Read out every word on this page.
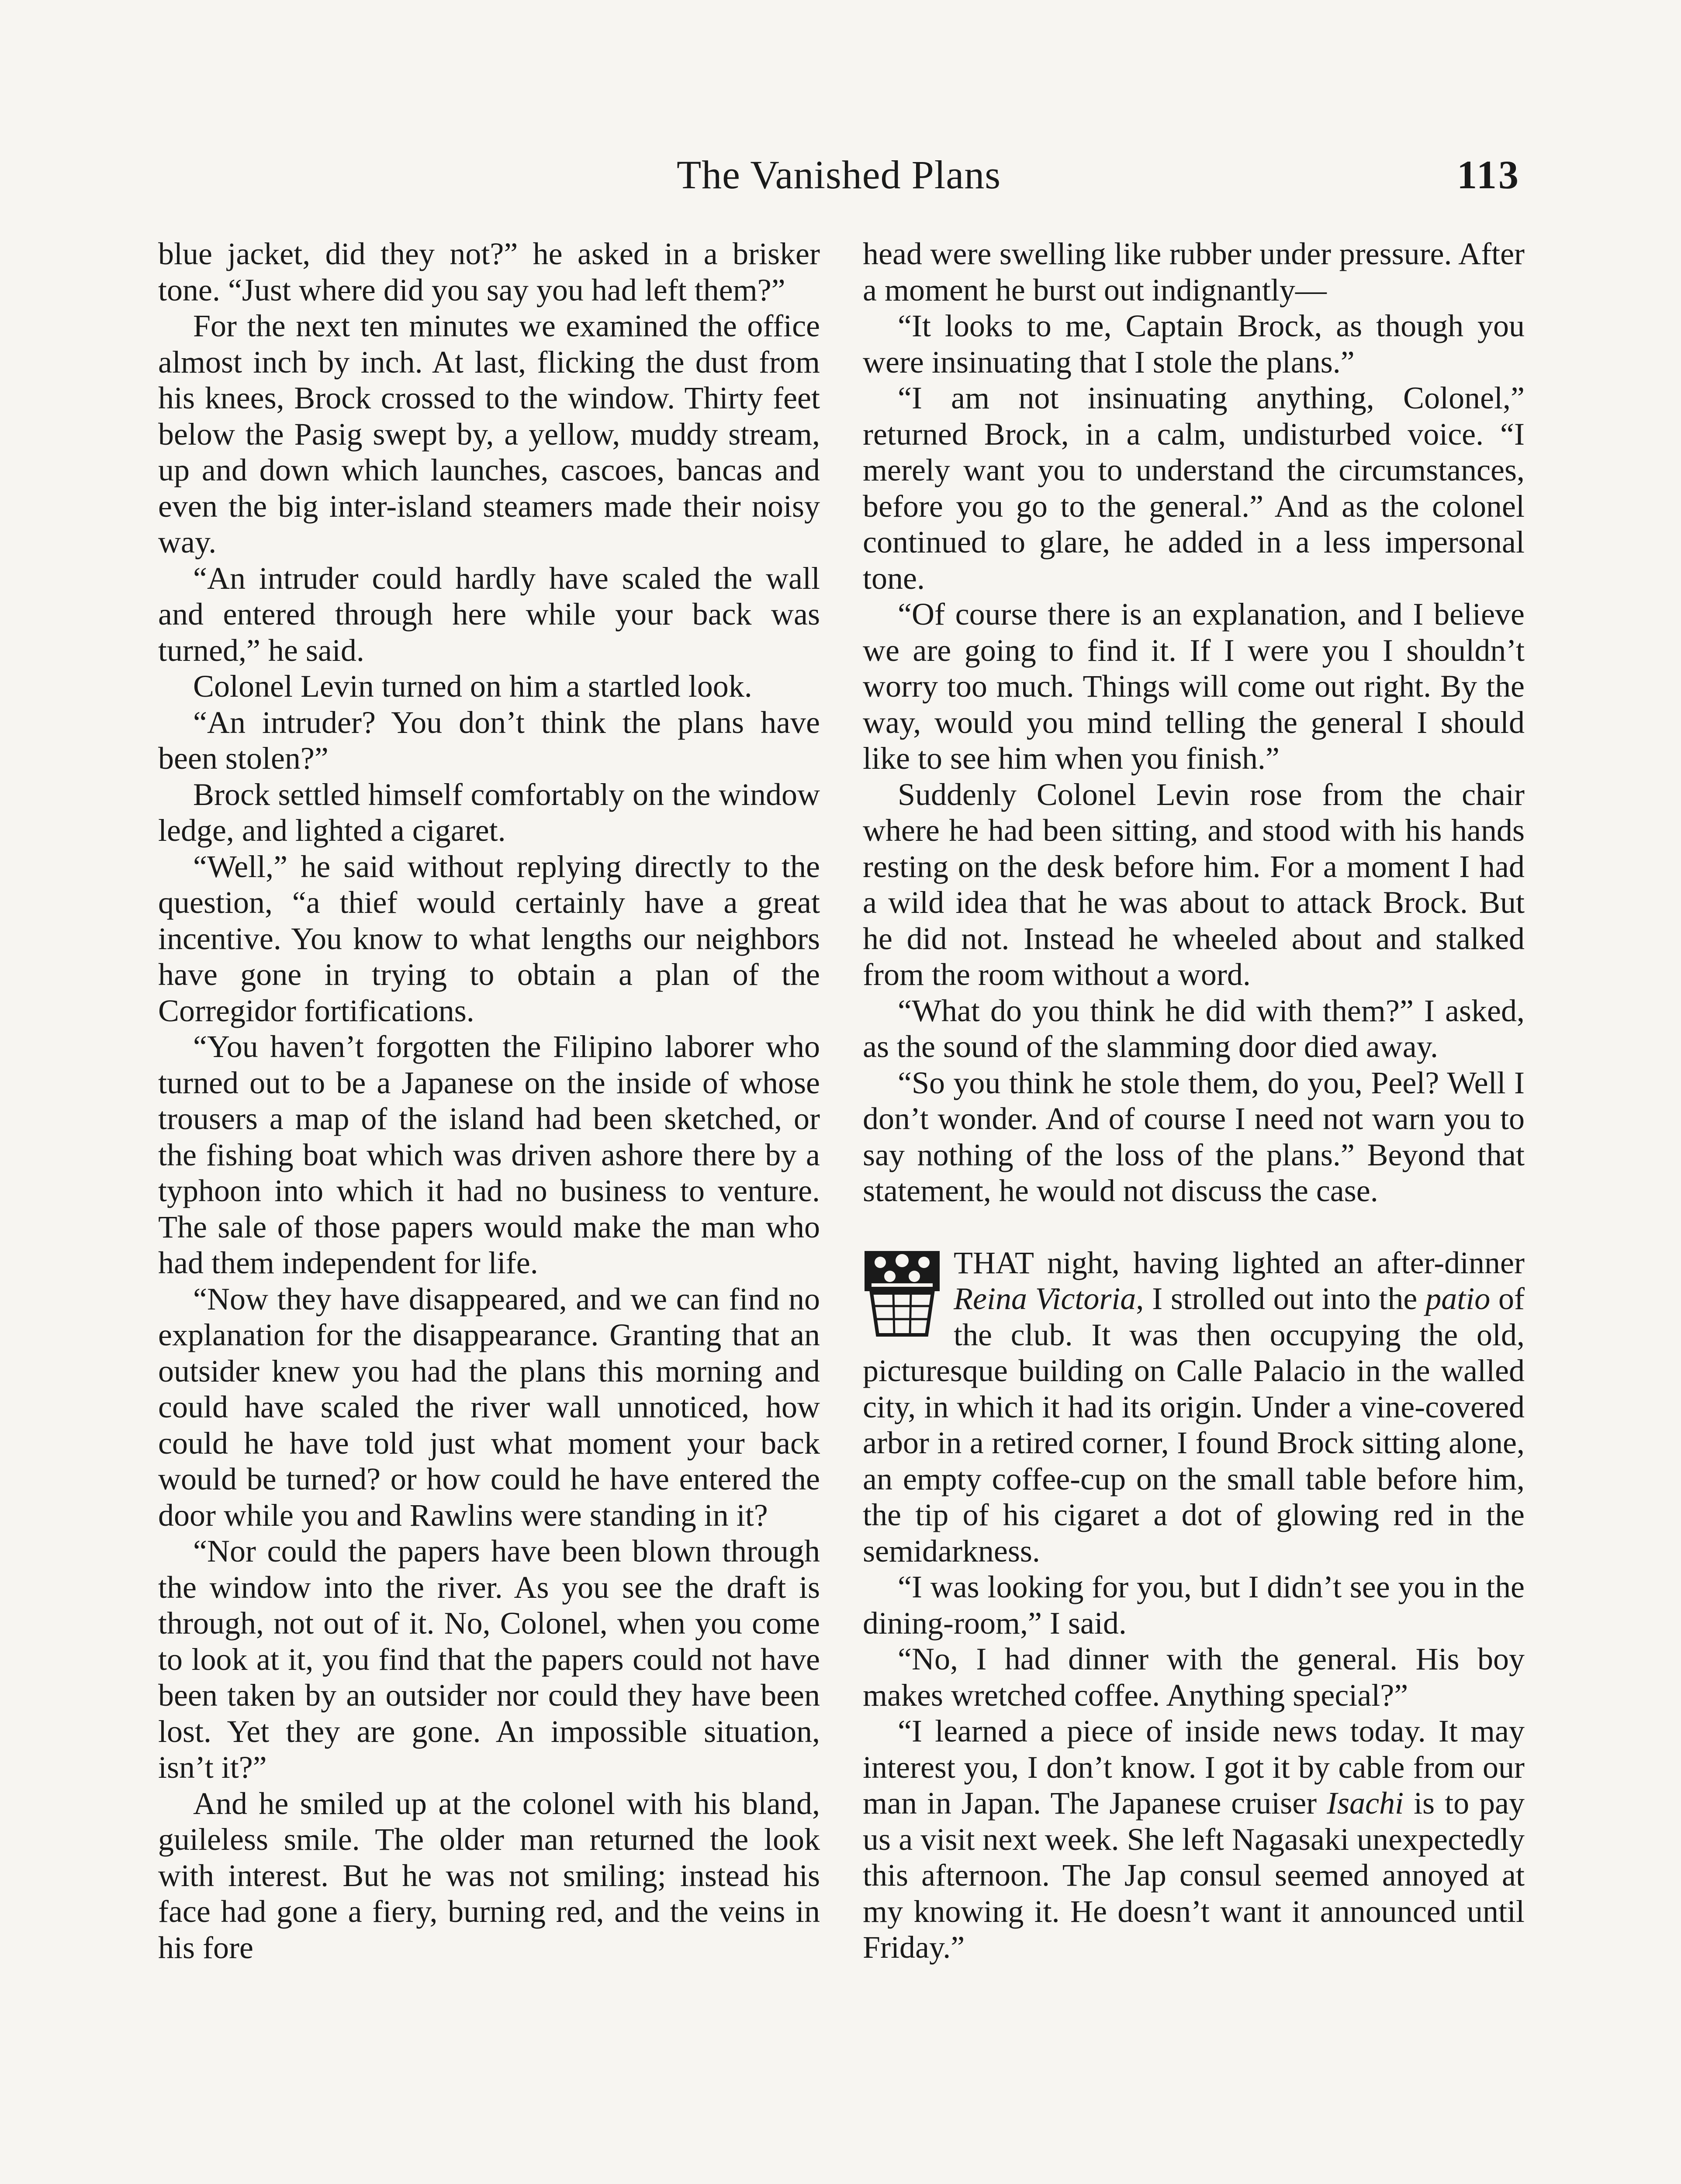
The Vanished Plans	113

blue jacket, did they not?” he asked in a brisker tone. “Just where did you say you had left them?”

For the next ten minutes we examined the office almost inch by inch. At last, flicking the dust from his knees, Brock crossed to the window. Thirty feet below the Pasig swept by, a yellow, muddy stream, up and down which launches, cascoes, bancas and even the big inter-island steamers made their noisy way.

“An intruder could hardly have scaled the wall and entered through here while your back was turned,” he said.

Colonel Levin turned on him a startled look.

“An intruder? You don’t think the plans have been stolen?”

Brock settled himself comfortably on the window ledge, and lighted a cigaret.

“Well,” he said without replying directly to the question, “a thief would certainly have a great incentive. You know to what lengths our neighbors have gone in trying to obtain a plan of the Corregidor fortifications.

“You haven’t forgotten the Filipino laborer who turned out to be a Japanese on the inside of whose trousers a map of the island had been sketched, or the fishing boat which was driven ashore there by a typhoon into which it had no business to venture. The sale of those papers would make the man who had them independent for life.

“Now they have disappeared, and we can find no explanation for the disappearance. Granting that an outsider knew you had the plans this morning and could have scaled the river wall unnoticed, how could he have told just what moment your back would be turned? or how could he have entered the door while you and Rawlins were standing in it?

“Nor could the papers have been blown through the window into the river. As you see the draft is through, not out of it. No, Colonel, when you come to look at it, you find that the papers could not have been taken by an outsider nor could they have been lost. Yet they are gone. An impossible situation, isn’t it?”

And he smiled up at the colonel with his bland, guileless smile. The older man returned the look with interest. But he was not smiling; instead his face had gone a fiery, burning red, and the veins in his fore

head were swelling like rubber under pressure. After a moment he burst out indignantly—

“It looks to me, Captain Brock, as though you were insinuating that I stole the plans.”

“I am not insinuating anything, Colonel,” returned Brock, in a calm, undisturbed voice. “I merely want you to understand the circumstances, before you go to the general.” And as the colonel continued to glare, he added in a less impersonal tone.

“Of course there is an explanation, and I believe we are going to find it. If I were you I shouldn’t worry too much. Things will come out right. By the way, would you mind telling the general I should like to see him when you finish.”

Suddenly Colonel Levin rose from the chair where he had been sitting, and stood with his hands resting on the desk before him. For a moment I had a wild idea that he was about to attack Brock. But he did not. Instead he wheeled about and stalked from the room without a word.

“What do you think he did with them?” I asked, as the sound of the slamming door died away.

“So you think he stole them, do you, Peel? Well I don’t wonder. And of course I need not warn you to say nothing of the loss of the plans.” Beyond that statement, he would not discuss the case.

THAT night, having lighted an after-dinner Reina Victoria, I strolled out into the patio of the club. It was then occupying the old, picturesque building on Calle Palacio in the walled city, in which it had its origin. Under a vine-covered arbor in a retired corner, I found Brock sitting alone, an empty coffee-cup on the small table before him, the tip of his cigaret a dot of glowing red in the semidarkness.

“I was looking for you, but I didn’t see you in the dining-room,” I said.

“No, I had dinner with the general. His boy makes wretched coffee. Anything special?”

“I learned a piece of inside news today. It may interest you, I don’t know. I got it by cable from our man in Japan. The Japanese cruiser Isachi is to pay us a visit next week. She left Nagasaki unexpectedly this afternoon. The Jap consul seemed annoyed at my knowing it. He doesn’t want it announced until Friday.”
